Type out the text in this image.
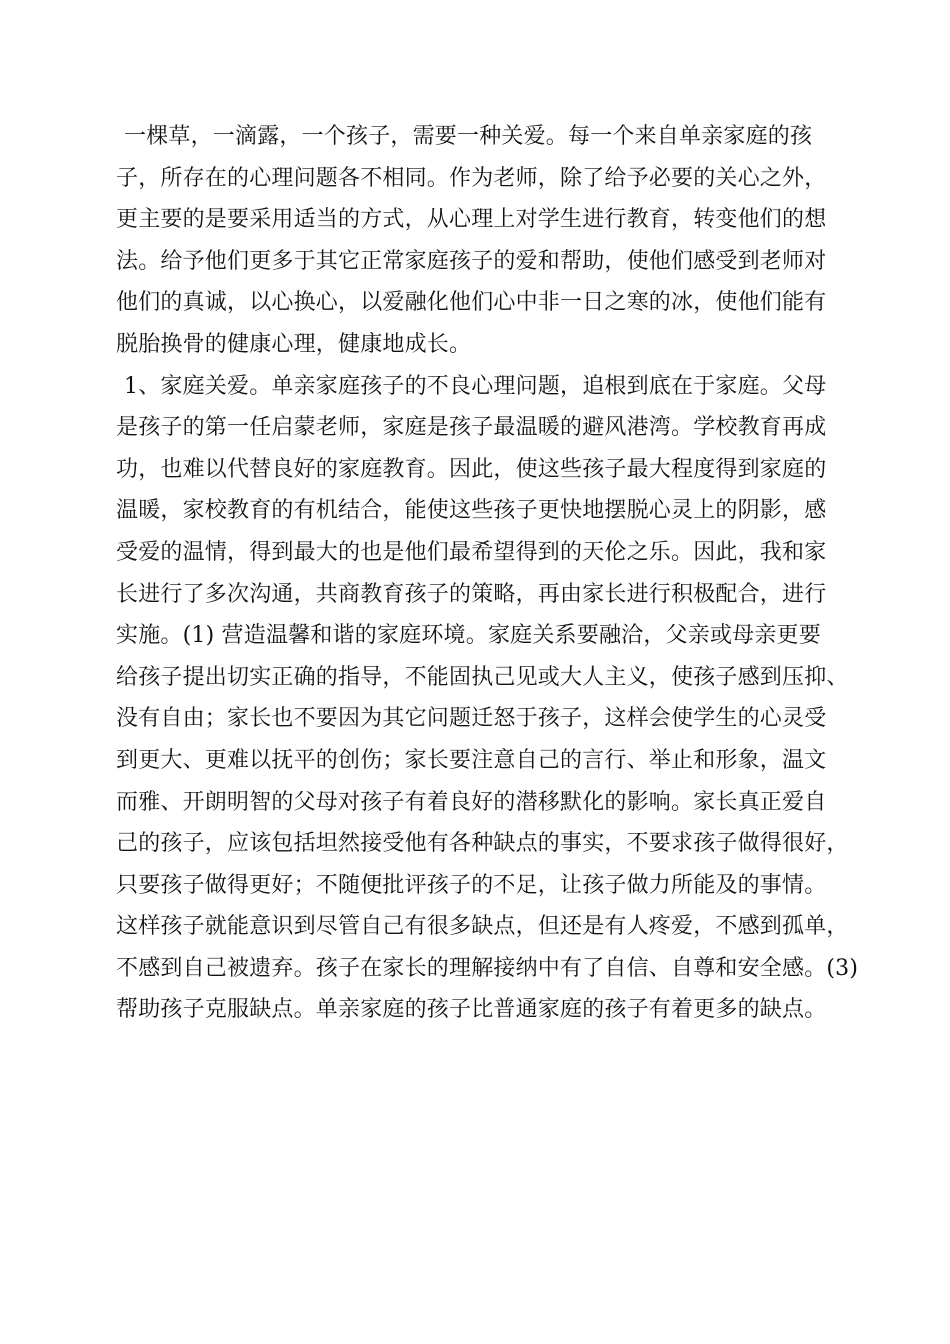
一棵草，一滴露，一个孩子，需要一种关爱。每一个来自单亲家庭的孩
子，所存在的心理问题各不相同。作为老师，除了给予必要的关心之外，
更主要的是要采用适当的方式，从心理上对学生进行教育，转变他们的想
法。给予他们更多于其它正常家庭孩子的爱和帮助，使他们感受到老师对
他们的真诚，以心换心，以爱融化他们心中非一日之寒的冰，使他们能有
脱胎换骨的健康心理，健康地成长。
1、家庭关爱。单亲家庭孩子的不良心理问题，追根到底在于家庭。父母
是孩子的第一任启蒙老师，家庭是孩子最温暖的避风港湾。学校教育再成
功，也难以代替良好的家庭教育。因此，使这些孩子最大程度得到家庭的
温暖，家校教育的有机结合，能使这些孩子更快地摆脱心灵上的阴影，感
受爱的温情，得到最大的也是他们最希望得到的天伦之乐。因此，我和家
长进行了多次沟通，共商教育孩子的策略，再由家长进行积极配合，进行
实施。(1) 营造温馨和谐的家庭环境。家庭关系要融洽，父亲或母亲更要
给孩子提出切实正确的指导，不能固执己见或大人主义，使孩子感到压抑、
没有自由；家长也不要因为其它问题迁怒于孩子，这样会使学生的心灵受
到更大、更难以抚平的创伤；家长要注意自己的言行、举止和形象，温文
而雅、开朗明智的父母对孩子有着良好的潜移默化的影响。家长真正爱自
己的孩子，应该包括坦然接受他有各种缺点的事实，不要求孩子做得很好，
只要孩子做得更好；不随便批评孩子的不足，让孩子做力所能及的事情。
这样孩子就能意识到尽管自己有很多缺点，但还是有人疼爱，不感到孤单，
不感到自己被遗弃。孩子在家长的理解接纳中有了自信、自尊和安全感。(3)
帮助孩子克服缺点。单亲家庭的孩子比普通家庭的孩子有着更多的缺点。
